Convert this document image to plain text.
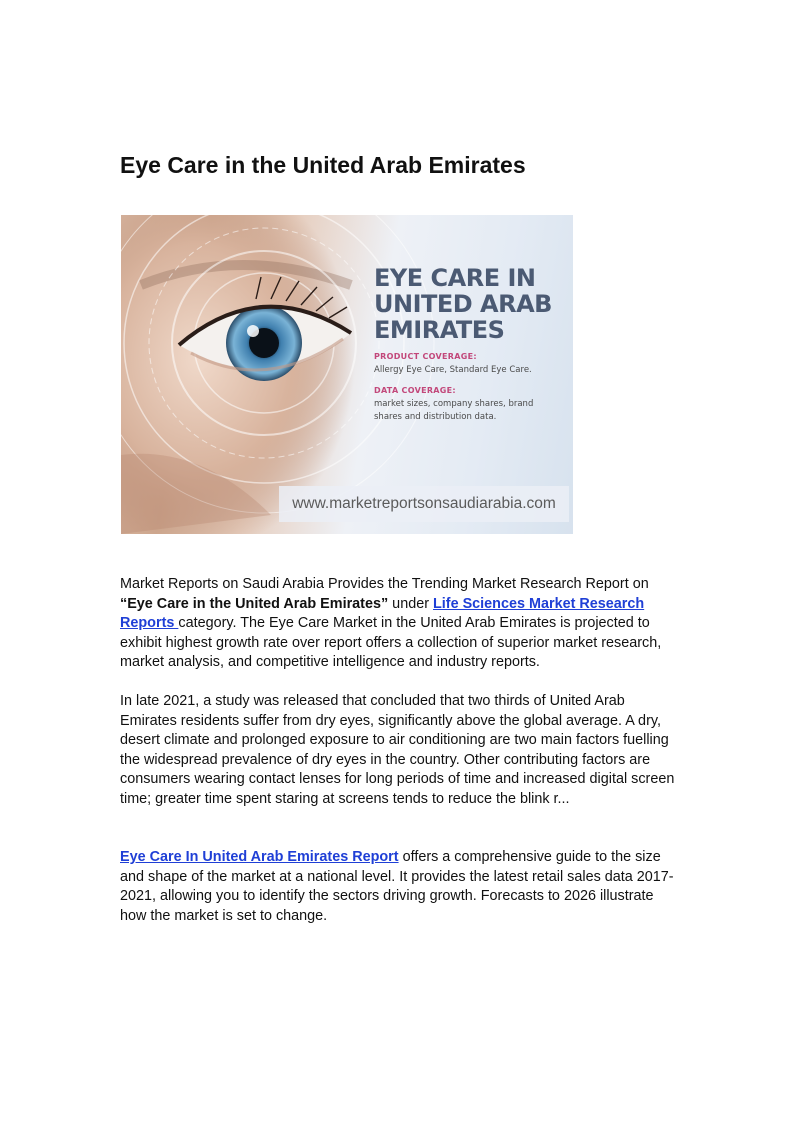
Eye Care in the United Arab Emirates
EYE CARE IN
UNITED ARAB
EMIRATES
PRODUCT COVERAGE:
Allergy Eye Care, Standard Eye Care.
DATA COVERAGE:
market sizes, company shares, brand
shares and distribution data.
www.marketreportsonsaudiarabia.com

Market Reports on Saudi Arabia Provides the Trending Market Research Report on “Eye Care in the United Arab Emirates” under Life Sciences Market Research Reports category. The Eye Care Market in the United Arab Emirates is projected to exhibit highest growth rate over report offers a collection of superior market research, market analysis, and competitive intelligence and industry reports.

In late 2021, a study was released that concluded that two thirds of United Arab Emirates residents suffer from dry eyes, significantly above the global average. A dry, desert climate and prolonged exposure to air conditioning are two main factors fuelling the widespread prevalence of dry eyes in the country. Other contributing factors are consumers wearing contact lenses for long periods of time and increased digital screen time; greater time spent staring at screens tends to reduce the blink r...

Eye Care In United Arab Emirates Report offers a comprehensive guide to the size and shape of the market at a national level. It provides the latest retail sales data 2017-2021, allowing you to identify the sectors driving growth. Forecasts to 2026 illustrate how the market is set to change.
